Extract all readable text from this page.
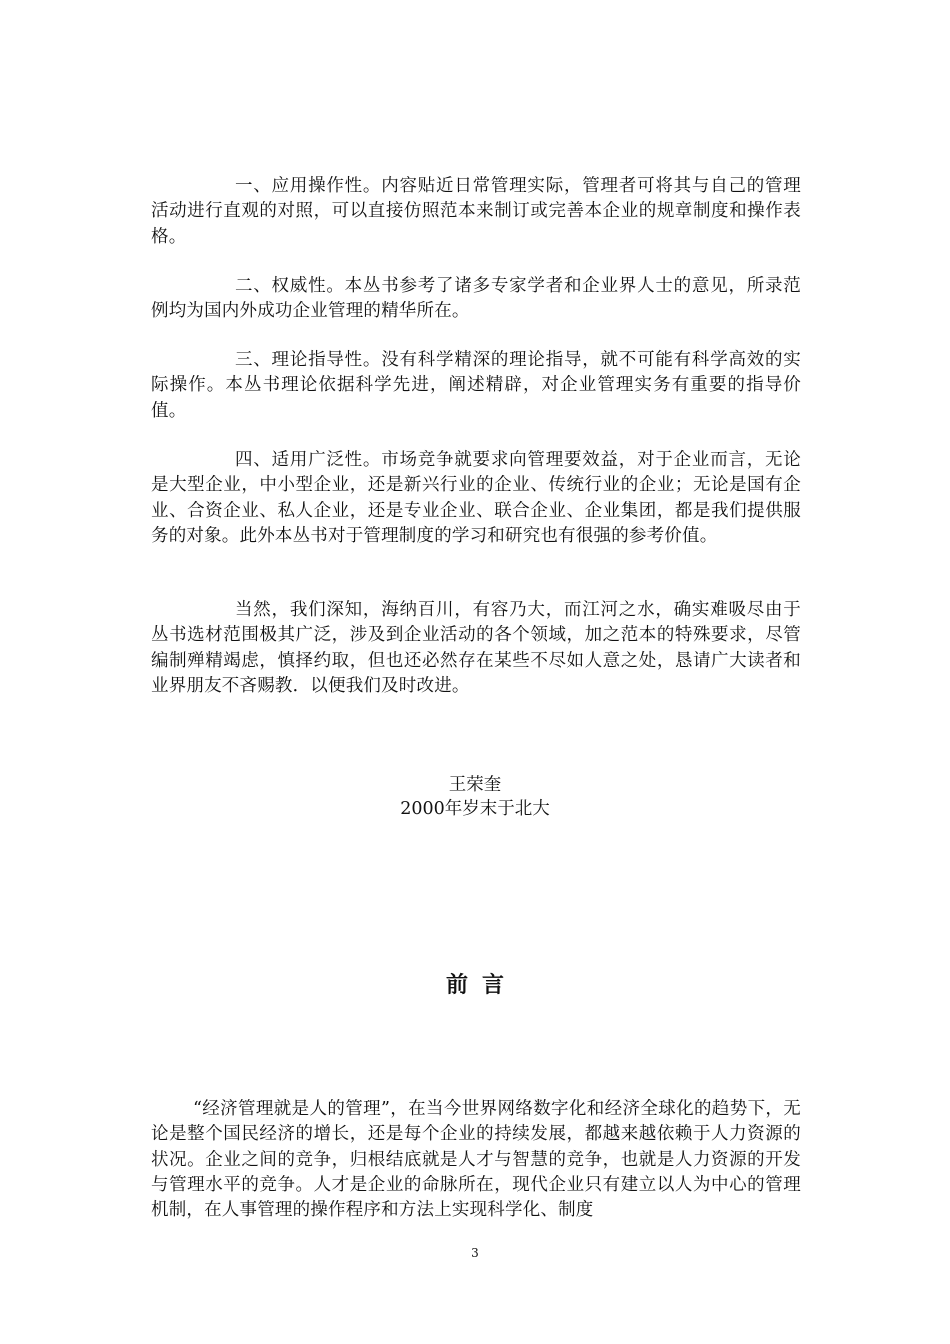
一、应用操作性。内容贴近日常管理实际，管理者可将其与自己的管理活动进行直观的对照，可以直接仿照范本来制订或完善本企业的规章制度和操作表格。

二、权威性。本丛书参考了诸多专家学者和企业界人士的意见，所录范例均为国内外成功企业管理的精华所在。

三、理论指导性。没有科学精深的理论指导，就不可能有科学高效的实际操作。本丛书理论依据科学先进，阐述精辟，对企业管理实务有重要的指导价值。

四、适用广泛性。市场竞争就要求向管理要效益，对于企业而言，无论是大型企业，中小型企业，还是新兴行业的企业、传统行业的企业；无论是国有企业、合资企业、私人企业，还是专业企业、联合企业、企业集团，都是我们提供服务的对象。此外本丛书对于管理制度的学习和研究也有很强的参考价值。

当然，我们深知，海纳百川，有容乃大，而江河之水，确实难吸尽由于丛书选材范围极其广泛，涉及到企业活动的各个领域，加之范本的特殊要求，尽管编制殚精竭虑，慎择约取，但也还必然存在某些不尽如人意之处，恳请广大读者和业界朋友不吝赐教．以便我们及时改进。

王荣奎
2000年岁末于北大
前言

“经济管理就是人的管理”，在当今世界网络数字化和经济全球化的趋势下，无论是整个国民经济的增长，还是每个企业的持续发展，都越来越依赖于人力资源的状况。企业之间的竞争，归根结底就是人才与智慧的竞争，也就是人力资源的开发与管理水平的竞争。人才是企业的命脉所在，现代企业只有建立以人为中心的管理机制，在人事管理的操作程序和方法上实现科学化、制度

3
